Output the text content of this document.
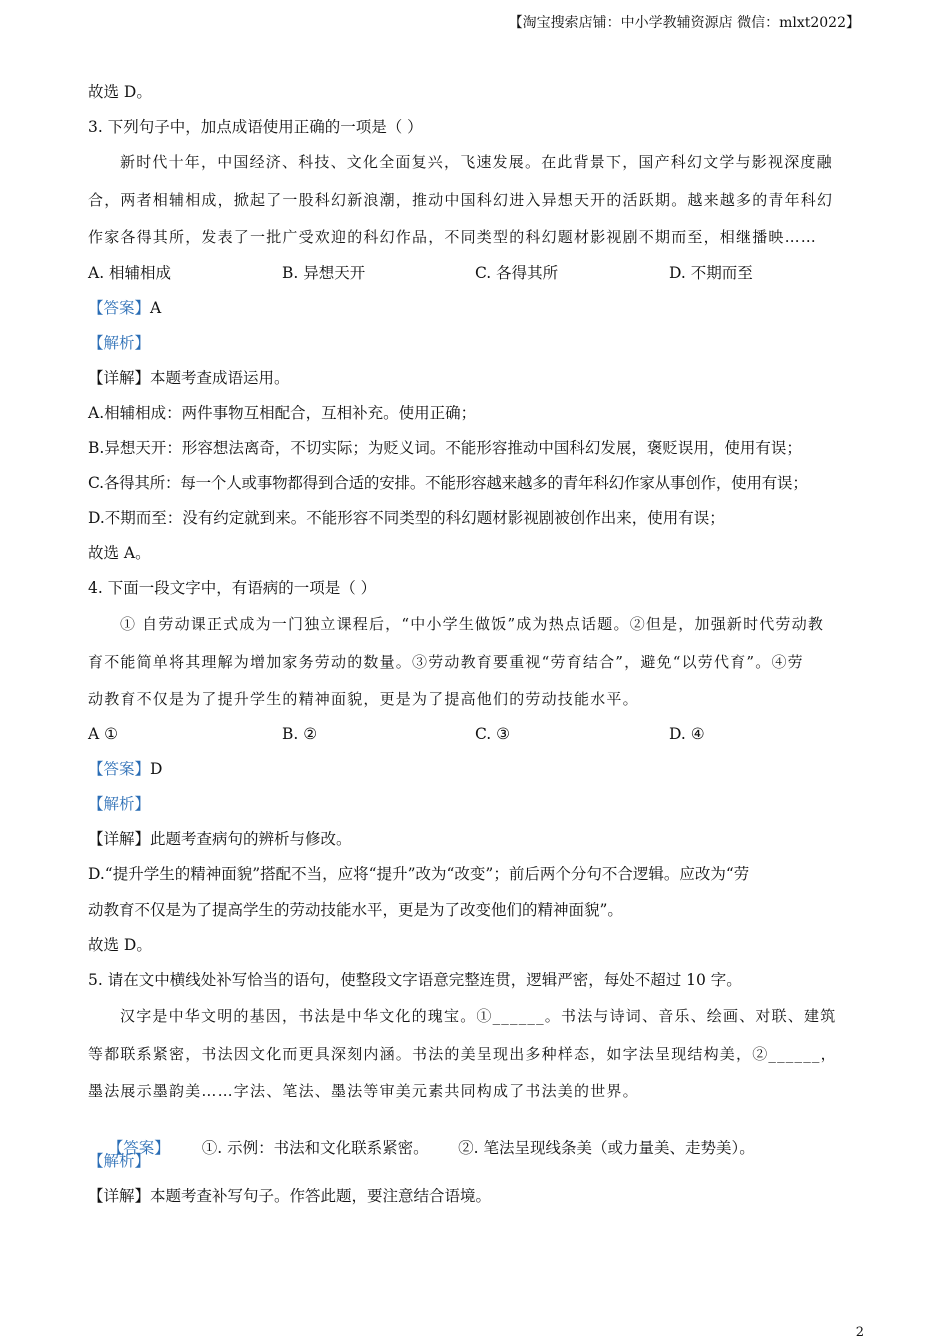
【淘宝搜索店铺：中小学教辅资源店 微信：mlxt2022】
故选 D。
3. 下列句子中，加点成语使用正确的一项是（ ）
新时代十年，中国经济、科技、文化全面复兴，飞速发展。在此背景下，国产科幻文学与影视深度融
合，两者相辅相成，掀起了一股科幻新浪潮，推动中国科幻进入异想天开的活跃期。越来越多的青年科幻
作家各得其所，发表了一批广受欢迎的科幻作品，不同类型的科幻题材影视剧不期而至，相继播映……
A. 相辅相成	B. 异想天开	C. 各得其所	D. 不期而至
【答案】A
【解析】
【详解】本题考查成语运用。
A.相辅相成：两件事物互相配合，互相补充。使用正确；
B.异想天开：形容想法离奇，不切实际；为贬义词。不能形容推动中国科幻发展，褒贬误用，使用有误；
C.各得其所：每一个人或事物都得到合适的安排。不能形容越来越多的青年科幻作家从事创作，使用有误；
D.不期而至：没有约定就到来。不能形容不同类型的科幻题材影视剧被创作出来，使用有误；
故选 A。
4. 下面一段文字中，有语病的一项是（ ）
① 自劳动课正式成为一门独立课程后，“中小学生做饭”成为热点话题。②但是，加强新时代劳动教
育不能简单将其理解为增加家务劳动的数量。③劳动教育要重视“劳育结合”，避免“以劳代育”。④劳
动教育不仅是为了提升学生的精神面貌，更是为了提高他们的劳动技能水平。
A ①	B. ②	C. ③	D. ④
【答案】D
【解析】
【详解】此题考查病句的辨析与修改。
D.“提升学生的精神面貌”搭配不当，应将“提升”改为“改变”；前后两个分句不合逻辑。应改为“劳
动教育不仅是为了提高学生的劳动技能水平，更是为了改变他们的精神面貌”。
故选 D。
5. 请在文中横线处补写恰当的语句，使整段文字语意完整连贯，逻辑严密，每处不超过 10 字。
汉字是中华文明的基因，书法是中华文化的瑰宝。①______。书法与诗词、音乐、绘画、对联、建筑
等都联系紧密，书法因文化而更具深刻内涵。书法的美呈现出多种样态，如字法呈现结构美，②______，
墨法展示墨韵美……字法、笔法、墨法等审美元素共同构成了书法美的世界。

【答案】 ①. 示例：书法和文化联系紧密。      ②. 笔法呈现线条美（或力量美、走势美）。

【解析】
【详解】本题考查补写句子。作答此题，要注意结合语境。
2
